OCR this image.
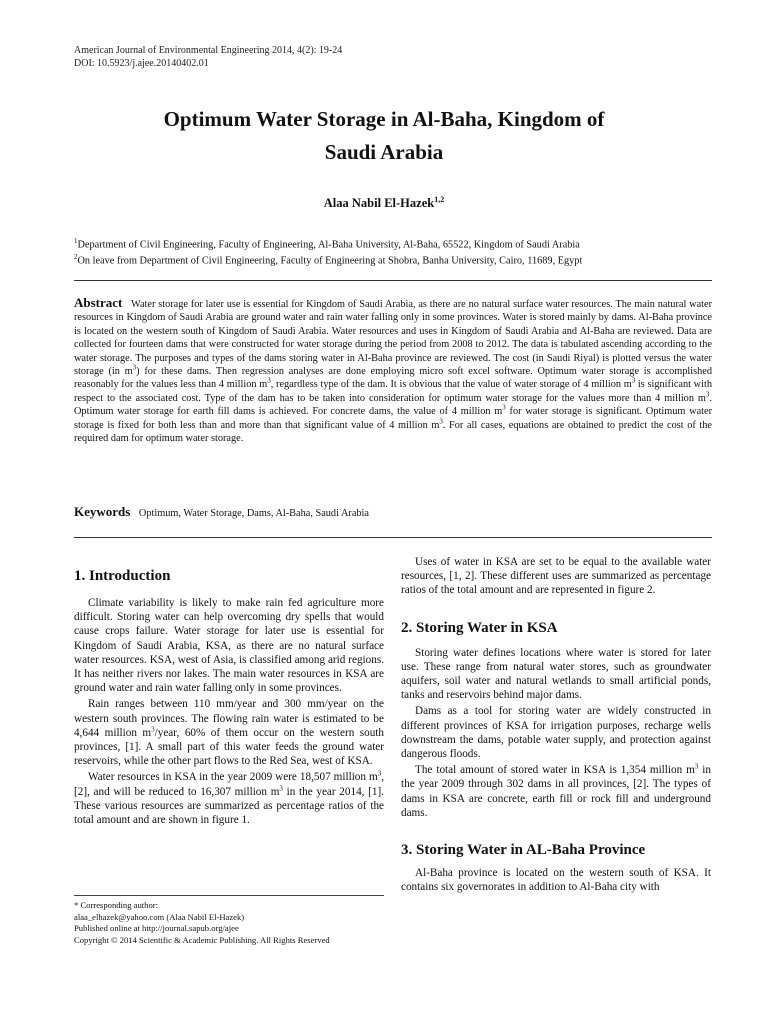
American Journal of Environmental Engineering 2014, 4(2): 19-24
DOI: 10.5923/j.ajee.20140402.01
Optimum Water Storage in Al-Baha, Kingdom of
Saudi Arabia
Alaa Nabil El-Hazek$^{1,2}$
$^1$Department of Civil Engineering, Faculty of Engineering, Al-Baha University, Al-Baha, 65522, Kingdom of Saudi Arabia
$^2$On leave from Department of Civil Engineering, Faculty of Engineering at Shobra, Banha University, Cairo, 11689, Egypt
Abstract Water storage for later use is essential for Kingdom of Saudi Arabia, as there are no natural surface water resources. The main natural water resources in Kingdom of Saudi Arabia are ground water and rain water falling only in some provinces. Water is stored mainly by dams. Al-Baha province is located on the western south of Kingdom of Saudi Arabia. Water resources and uses in Kingdom of Saudi Arabia and Al-Baha are reviewed. Data are collected for fourteen dams that were constructed for water storage during the period from 2008 to 2012. The data is tabulated ascending according to the water storage. The purposes and types of the dams storing water in Al-Baha province are reviewed. The cost (in Saudi Riyal) is plotted versus the water storage (in $m^3$) for these dams. Then regression analyses are done employing micro soft excel software. Optimum water storage is accomplished reasonably for the values less than 4 million $m^3$, regardless type of the dam. It is obvious that the value of water storage of 4 million $m^3$ is significant with respect to the associated cost. Type of the dam has to be taken into consideration for optimum water storage for the values more than 4 million $m^3$. Optimum water storage for earth fill dams is achieved. For concrete dams, the value of 4 million $m^3$ for water storage is significant. Optimum water storage is fixed for both less than and more than that significant value of 4 million $m^3$. For all cases, equations are obtained to predict the cost of the required dam for optimum water storage.
Keywords Optimum, Water Storage, Dams, Al-Baha, Saudi Arabia
1. Introduction

Climate variability is likely to make rain fed agriculture more difficult. Storing water can help overcoming dry spells that would cause crops failure. Water storage for later use is essential for Kingdom of Saudi Arabia, KSA, as there are no natural surface water resources. KSA, west of Asia, is classified among arid regions. It has neither rivers nor lakes. The main water resources in KSA are ground water and rain water falling only in some provinces.

Rain ranges between 110 mm/year and 300 mm/year on the western south provinces. The flowing rain water is estimated to be 4,644 million $m^3$/year, 60% of them occur on the western south provinces, [1]. A small part of this water feeds the ground water reservoirs, while the other part flows to the Red Sea, west of KSA.

Water resources in KSA in the year 2009 were 18,507 million $m^3$, [2], and will be reduced to 16,307 million $m^3$ in the year 2014, [1]. These various resources are summarized as percentage ratios of the total amount and are shown in figure 1.

* Corresponding author:
alaa_elhazek@yahoo.com (Alaa Nabil El-Hazek)
Published online at http://journal.sapub.org/ajee
Copyright © 2014 Scientific & Academic Publishing. All Rights Reserved

Uses of water in KSA are set to be equal to the available water resources, [1, 2]. These different uses are summarized as percentage ratios of the total amount and are represented in figure 2.

2. Storing Water in KSA

Storing water defines locations where water is stored for later use. These range from natural water stores, such as groundwater aquifers, soil water and natural wetlands to small artificial ponds, tanks and reservoirs behind major dams.

Dams as a tool for storing water are widely constructed in different provinces of KSA for irrigation purposes, recharge wells downstream the dams, potable water supply, and protection against dangerous floods.

The total amount of stored water in KSA is 1,354 million $m^3$ in the year 2009 through 302 dams in all provinces, [2]. The types of dams in KSA are concrete, earth fill or rock fill and underground dams.

3. Storing Water in AL-Baha Province

Al-Baha province is located on the western south of KSA. It contains six governorates in addition to Al-Baha city with
